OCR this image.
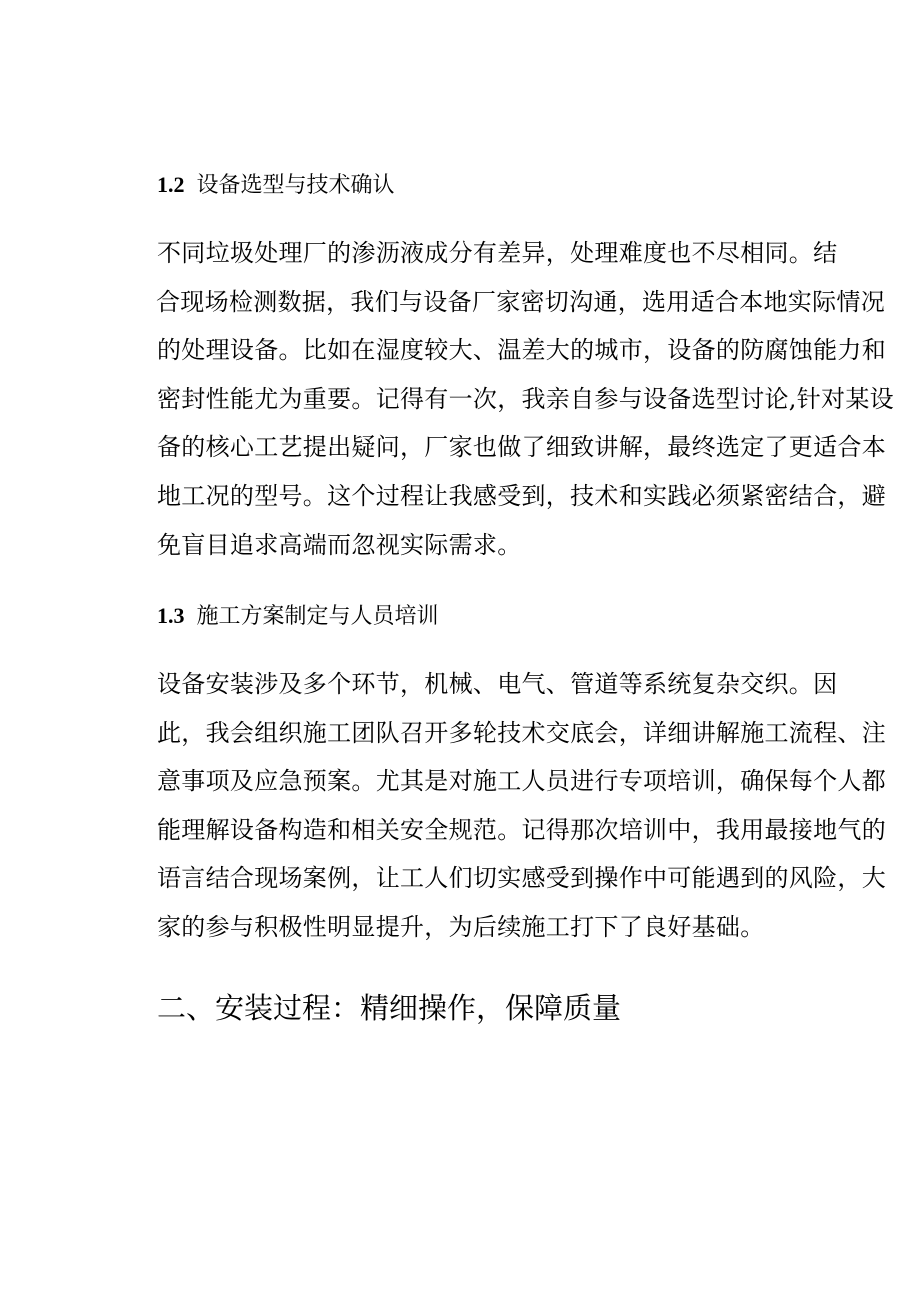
1.2 设备选型与技术确认

不同垃圾处理厂的渗沥液成分有差异，处理难度也不尽相同。结
合现场检测数据，我们与设备厂家密切沟通，选用适合本地实际情况
的处理设备。比如在湿度较大、温差大的城市，设备的防腐蚀能力和
密封性能尤为重要。记得有一次，我亲自参与设备选型讨论,针对某设
备的核心工艺提出疑问，厂家也做了细致讲解，最终选定了更适合本
地工况的型号。这个过程让我感受到，技术和实践必须紧密结合，避
免盲目追求高端而忽视实际需求。
1.3 施工方案制定与人员培训
设备安装涉及多个环节，机械、电气、管道等系统复杂交织。因
此，我会组织施工团队召开多轮技术交底会，详细讲解施工流程、注
意事项及应急预案。尤其是对施工人员进行专项培训，确保每个人都
能理解设备构造和相关安全规范。记得那次培训中，我用最接地气的
语言结合现场案例，让工人们切实感受到操作中可能遇到的风险，大
家的参与积极性明显提升，为后续施工打下了良好基础。
二、安装过程：精细操作，保障质量
